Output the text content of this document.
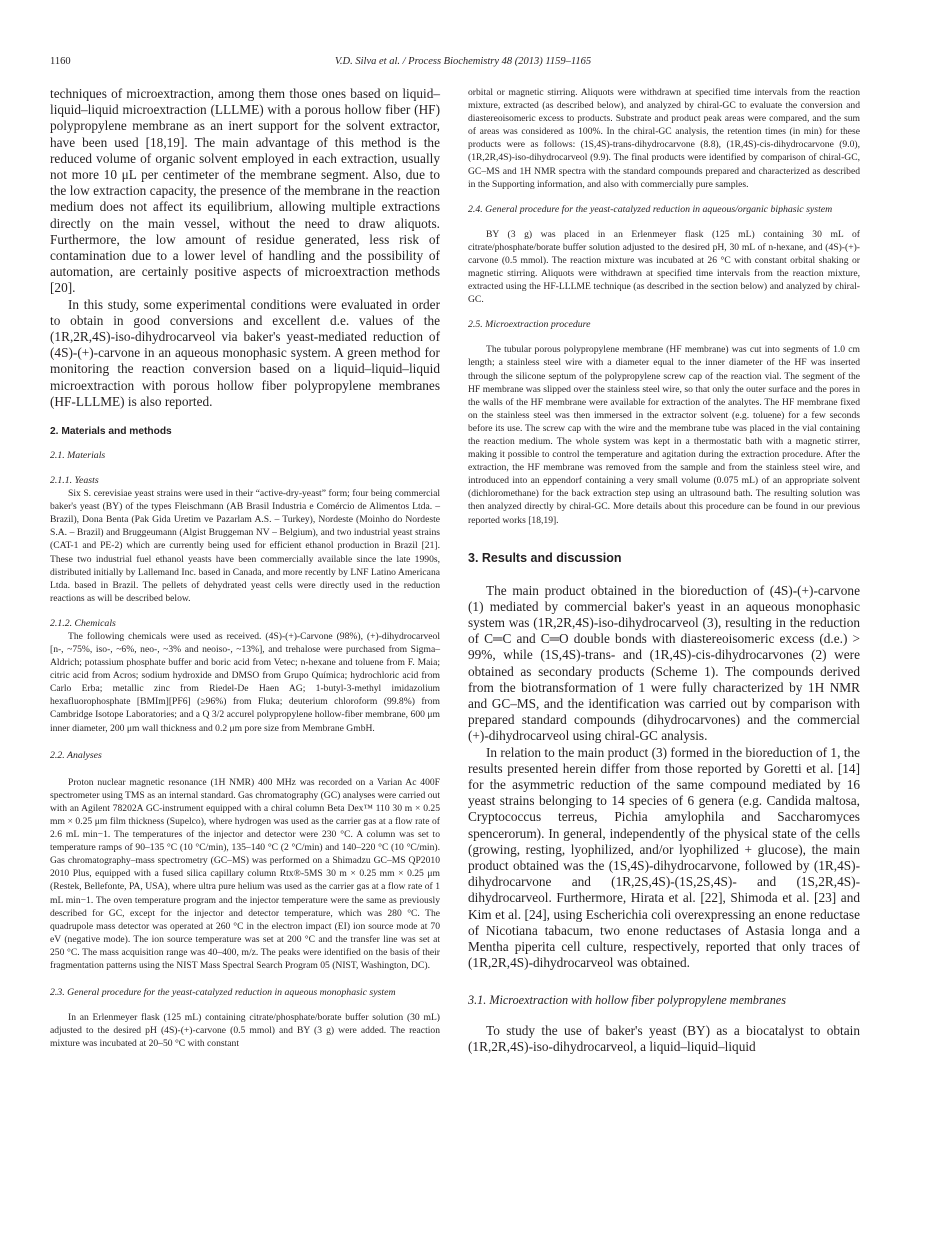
1160	V.D. Silva et al. / Process Biochemistry 48 (2013) 1159–1165

techniques of microextraction, among them those ones based on liquid–liquid–liquid microextraction (LLLME) with a porous hollow fiber (HF) polypropylene membrane as an inert support for the solvent extractor, have been used [18,19]. The main advantage of this method is the reduced volume of organic solvent employed in each extraction, usually not more 10 μL per centimeter of the membrane segment. Also, due to the low extraction capacity, the presence of the membrane in the reaction medium does not affect its equilibrium, allowing multiple extractions directly on the main vessel, without the need to draw aliquots. Furthermore, the low amount of residue generated, less risk of contamination due to a lower level of handling and the possibility of automation, are certainly positive aspects of microextraction methods [20].

In this study, some experimental conditions were evaluated in order to obtain in good conversions and excellent d.e. values of the (1R,2R,4S)-iso-dihydrocarveol via baker's yeast-mediated reduction of (4S)-(+)-carvone in an aqueous monophasic system. A green method for monitoring the reaction conversion based on a liquid–liquid–liquid microextraction with porous hollow fiber polypropylene membranes (HF-LLLME) is also reported.

2. Materials and methods
2.1. Materials
2.1.1. Yeasts

Six S. cerevisiae yeast strains were used in their “active-dry-yeast” form; four being commercial baker's yeast (BY) of the types Fleischmann (AB Brasil Industria e Comércio de Alimentos Ltda. – Brazil), Dona Benta (Pak Gida Uretim ve Pazarlam A.S. – Turkey), Nordeste (Moinho do Nordeste S.A. – Brazil) and Bruggeumann (Algist Bruggeman NV – Belgium), and two industrial yeast strains (CAT-1 and PE-2) which are currently being used for efficient ethanol production in Brazil [21]. These two industrial fuel ethanol yeasts have been commercially available since the late 1990s, distributed initially by Lallemand Inc. based in Canada, and more recently by LNF Latino Americana Ltda. based in Brazil. The pellets of dehydrated yeast cells were directly used in the reduction reactions as will be described below.

2.1.2. Chemicals

The following chemicals were used as received. (4S)-(+)-Carvone (98%), (+)-dihydrocarveol [n-, ~75%, iso-, ~6%, neo-, ~3% and neoiso-, ~13%], and trehalose were purchased from Sigma–Aldrich; potassium phosphate buffer and boric acid from Vetec; n-hexane and toluene from F. Maia; citric acid from Acros; sodium hydroxide and DMSO from Grupo Química; hydrochloric acid from Carlo Erba; metallic zinc from Riedel-De Haen AG; 1-butyl-3-methyl imidazolium hexafluorophosphate [BMIm][PF6] (≥96%) from Fluka; deuterium chloroform (99.8%) from Cambridge Isotope Laboratories; and a Q 3/2 accurel polypropylene hollow-fiber membrane, 600 μm inner diameter, 200 μm wall thickness and 0.2 μm pore size from Membrane GmbH.

2.2. Analyses

Proton nuclear magnetic resonance (1H NMR) 400 MHz was recorded on a Varian Ac 400F spectrometer using TMS as an internal standard. Gas chromatography (GC) analyses were carried out with an Agilent 78202A GC-instrument equipped with a chiral column Beta Dex™ 110 30 m × 0.25 mm × 0.25 μm film thickness (Supelco), where hydrogen was used as the carrier gas at a flow rate of 2.6 mL min−1. The temperatures of the injector and detector were 230 °C. A column was set to temperature ramps of 90–135 °C (10 °C/min), 135–140 °C (2 °C/min) and 140–220 °C (10 °C/min). Gas chromatography–mass spectrometry (GC–MS) was performed on a Shimadzu GC–MS QP2010 2010 Plus, equipped with a fused silica capillary column Rtx®-5MS 30 m × 0.25 mm × 0.25 μm (Restek, Bellefonte, PA, USA), where ultra pure helium was used as the carrier gas at a flow rate of 1 mL min−1. The oven temperature program and the injector temperature were the same as previously described for GC, except for the injector and detector temperature, which was 280 °C. The quadrupole mass detector was operated at 260 °C in the electron impact (EI) ion source mode at 70 eV (negative mode). The ion source temperature was set at 200 °C and the transfer line was set at 250 °C. The mass acquisition range was 40–400, m/z. The peaks were identified on the basis of their fragmentation patterns using the NIST Mass Spectral Search Program 05 (NIST, Washington, DC).

2.3. General procedure for the yeast-catalyzed reduction in aqueous monophasic system

In an Erlenmeyer flask (125 mL) containing citrate/phosphate/borate buffer solution (30 mL) adjusted to the desired pH (4S)-(+)-carvone (0.5 mmol) and BY (3 g) were added. The reaction mixture was incubated at 20–50 °C with constant

orbital or magnetic stirring. Aliquots were withdrawn at specified time intervals from the reaction mixture, extracted (as described below), and analyzed by chiral-GC to evaluate the conversion and diastereoisomeric excess to products. Substrate and product peak areas were compared, and the sum of areas was considered as 100%. In the chiral-GC analysis, the retention times (in min) for these products were as follows: (1S,4S)-trans-dihydrocarvone (8.8), (1R,4S)-cis-dihydrocarvone (9.0), (1R,2R,4S)-iso-dihydrocarveol (9.9). The final products were identified by comparison of chiral-GC, GC–MS and 1H NMR spectra with the standard compounds prepared and characterized as described in the Supporting information, and also with commercially pure samples.

2.4. General procedure for the yeast-catalyzed reduction in aqueous/organic biphasic system

BY (3 g) was placed in an Erlenmeyer flask (125 mL) containing 30 mL of citrate/phosphate/borate buffer solution adjusted to the desired pH, 30 mL of n-hexane, and (4S)-(+)-carvone (0.5 mmol). The reaction mixture was incubated at 26 °C with constant orbital shaking or magnetic stirring. Aliquots were withdrawn at specified time intervals from the reaction mixture, extracted using the HF-LLLME technique (as described in the section below) and analyzed by chiral-GC.

2.5. Microextraction procedure

The tubular porous polypropylene membrane (HF membrane) was cut into segments of 1.0 cm length; a stainless steel wire with a diameter equal to the inner diameter of the HF was inserted through the silicone septum of the polypropylene screw cap of the reaction vial. The segment of the HF membrane was slipped over the stainless steel wire, so that only the outer surface and the pores in the walls of the HF membrane were available for extraction of the analytes. The HF membrane fixed on the stainless steel was then immersed in the extractor solvent (e.g. toluene) for a few seconds before its use. The screw cap with the wire and the membrane tube was placed in the vial containing the reaction medium. The whole system was kept in a thermostatic bath with a magnetic stirrer, making it possible to control the temperature and agitation during the extraction procedure. After the extraction, the HF membrane was removed from the sample and from the stainless steel wire, and introduced into an eppendorf containing a very small volume (0.075 mL) of an appropriate solvent (dichloromethane) for the back extraction step using an ultrasound bath. The resulting solution was then analyzed directly by chiral-GC. More details about this procedure can be found in our previous reported works [18,19].

3. Results and discussion

The main product obtained in the bioreduction of (4S)-(+)-carvone (1) mediated by commercial baker's yeast in an aqueous monophasic system was (1R,2R,4S)-iso-dihydrocarveol (3), resulting in the reduction of C═C and C═O double bonds with diastereoisomeric excess (d.e.) > 99%, while (1S,4S)-trans- and (1R,4S)-cis-dihydrocarvones (2) were obtained as secondary products (Scheme 1). The compounds derived from the biotransformation of 1 were fully characterized by 1H NMR and GC–MS, and the identification was carried out by comparison with prepared standard compounds (dihydrocarvones) and the commercial (+)-dihydrocarveol using chiral-GC analysis.

In relation to the main product (3) formed in the bioreduction of 1, the results presented herein differ from those reported by Goretti et al. [14] for the asymmetric reduction of the same compound mediated by 16 yeast strains belonging to 14 species of 6 genera (e.g. Candida maltosa, Cryptococcus terreus, Pichia amylophila and Saccharomyces spencerorum). In general, independently of the physical state of the cells (growing, resting, lyophilized, and/or lyophilized + glucose), the main product obtained was the (1S,4S)-dihydrocarvone, followed by (1R,4S)-dihydrocarvone and (1R,2S,4S)-(1S,2S,4S)- and (1S,2R,4S)-dihydrocarveol. Furthermore, Hirata et al. [22], Shimoda et al. [23] and Kim et al. [24], using Escherichia coli overexpressing an enone reductase of Nicotiana tabacum, two enone reductases of Astasia longa and a Mentha piperita cell culture, respectively, reported that only traces of (1R,2R,4S)-dihydrocarveol was obtained.

3.1. Microextraction with hollow fiber polypropylene membranes

To study the use of baker's yeast (BY) as a biocatalyst to obtain (1R,2R,4S)-iso-dihydrocarveol, a liquid–liquid–liquid
